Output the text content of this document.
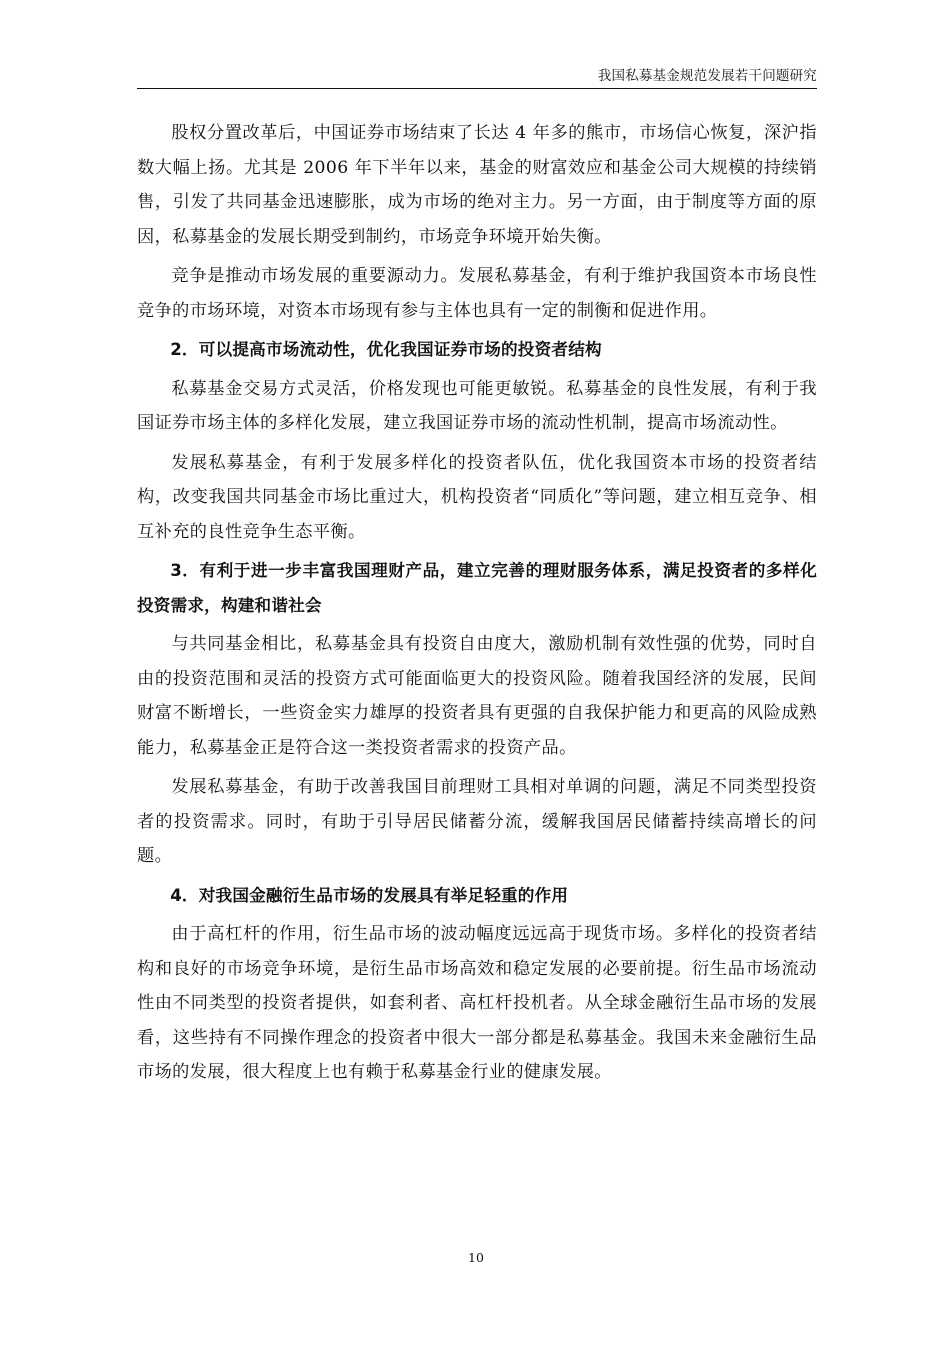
我国私募基金规范发展若干问题研究

股权分置改革后，中国证券市场结束了长达 4 年多的熊市，市场信心恢复，深沪指数大幅上扬。尤其是 2006 年下半年以来，基金的财富效应和基金公司大规模的持续销售，引发了共同基金迅速膨胀，成为市场的绝对主力。另一方面，由于制度等方面的原因，私募基金的发展长期受到制约，市场竞争环境开始失衡。

竞争是推动市场发展的重要源动力。发展私募基金，有利于维护我国资本市场良性竞争的市场环境，对资本市场现有参与主体也具有一定的制衡和促进作用。

2．可以提高市场流动性，优化我国证券市场的投资者结构

私募基金交易方式灵活，价格发现也可能更敏锐。私募基金的良性发展，有利于我国证券市场主体的多样化发展，建立我国证券市场的流动性机制，提高市场流动性。

发展私募基金，有利于发展多样化的投资者队伍，优化我国资本市场的投资者结构，改变我国共同基金市场比重过大，机构投资者“同质化”等问题，建立相互竞争、相互补充的良性竞争生态平衡。

3．有利于进一步丰富我国理财产品，建立完善的理财服务体系，满足投资者的多样化投资需求，构建和谐社会

与共同基金相比，私募基金具有投资自由度大，激励机制有效性强的优势，同时自由的投资范围和灵活的投资方式可能面临更大的投资风险。随着我国经济的发展，民间财富不断增长，一些资金实力雄厚的投资者具有更强的自我保护能力和更高的风险成熟能力，私募基金正是符合这一类投资者需求的投资产品。

发展私募基金，有助于改善我国目前理财工具相对单调的问题，满足不同类型投资者的投资需求。同时，有助于引导居民储蓄分流，缓解我国居民储蓄持续高增长的问题。

4．对我国金融衍生品市场的发展具有举足轻重的作用

由于高杠杆的作用，衍生品市场的波动幅度远远高于现货市场。多样化的投资者结构和良好的市场竞争环境，是衍生品市场高效和稳定发展的必要前提。衍生品市场流动性由不同类型的投资者提供，如套利者、高杠杆投机者。从全球金融衍生品市场的发展看，这些持有不同操作理念的投资者中很大一部分都是私募基金。我国未来金融衍生品市场的发展，很大程度上也有赖于私募基金行业的健康发展。

10
